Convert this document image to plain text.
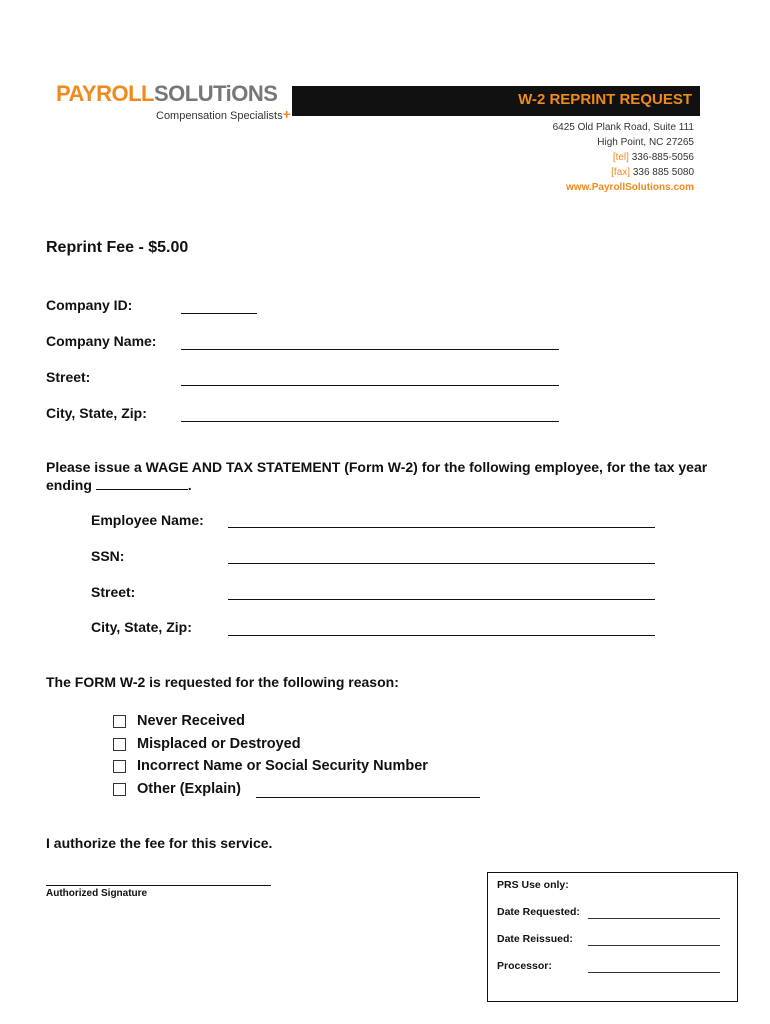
PAYROLLSOLUTiONS
Compensation Specialists+
W-2 REPRINT REQUEST
6425 Old Plank Road, Suite 111
High Point, NC 27265
[tel] 336-885-5056
[fax] 336 885 5080
www.PayrollSolutions.com
Reprint Fee - $5.00
Company ID:
Company Name:
Street:
City, State, Zip:
Please issue a WAGE AND TAX STATEMENT (Form W-2) for the following employee, for the tax year ending	.
Employee Name:
SSN:
Street:
City, State, Zip:
The FORM W-2 is requested for the following reason:
Never Received
Misplaced or Destroyed
Incorrect Name or Social Security Number
Other (Explain)
I authorize the fee for this service.
Authorized Signature
PRS Use only:
Date Requested:
Date Reissued:
Processor:
